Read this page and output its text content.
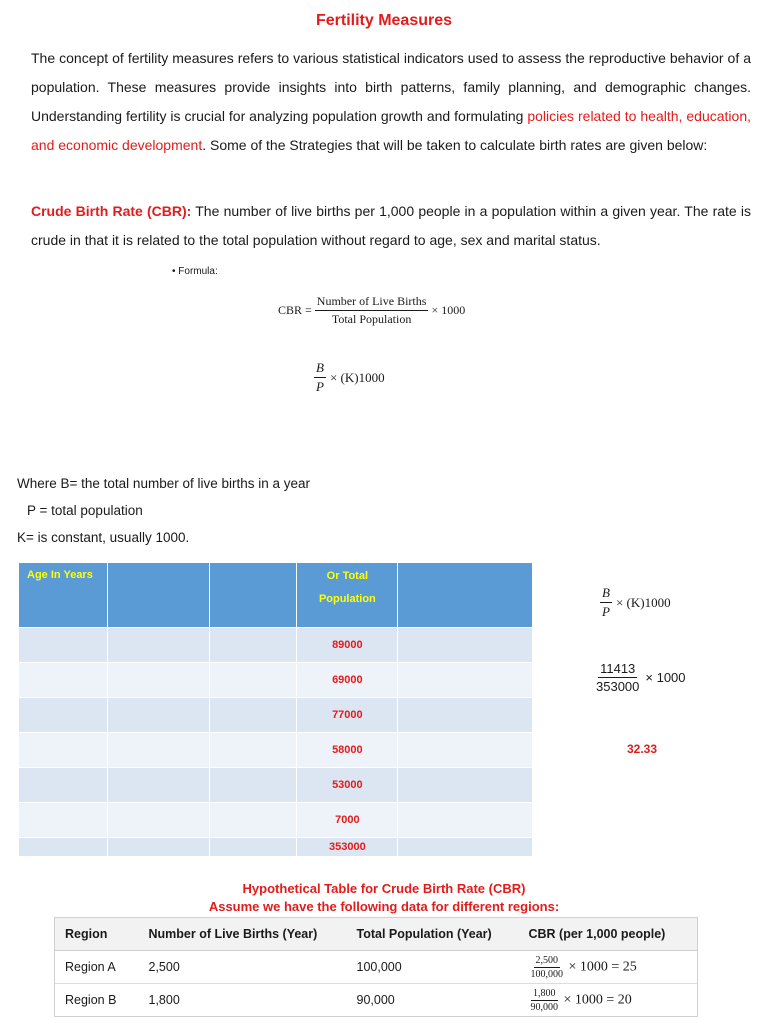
Fertility Measures

The concept of fertility measures refers to various statistical indicators used to assess the reproductive behavior of a population. These measures provide insights into birth patterns, family planning, and demographic changes. Understanding fertility is crucial for analyzing population growth and formulating policies related to health, education, and economic development. Some of the Strategies that will be taken to calculate birth rates are given below:

Crude Birth Rate (CBR): The number of live births per 1,000 people in a population within a given year. The rate is crude in that it is related to the total population without regard to age, sex and marital status.

• Formula:
CBR = $\frac{\text{Number of Live Births}}{\text{Total Population}} \times 1000$
$\frac{B}{P} \times (K)1000$

Where B= the total number of live births in a year

P = total population

K= is constant, usually 1000.

Age In Years			Or Total Population	
			89000	
			69000	
			77000	
			58000	
			53000	
			7000	
			353000	
$\frac{B}{P} \times (K)1000$
$\frac{11413}{353000} \times 1000$
32.33
Hypothetical Table for Crude Birth Rate (CBR)
Assume we have the following data for different regions:
Region	Number of Live Births (Year)	Total Population (Year)	CBR (per 1,000 people)
Region A	2,500	100,000	$\frac{2,500}{100,000} \times 1000 = 25$
Region B	1,800	90,000	$\frac{1,800}{90,000} \times 1000 = 20$
